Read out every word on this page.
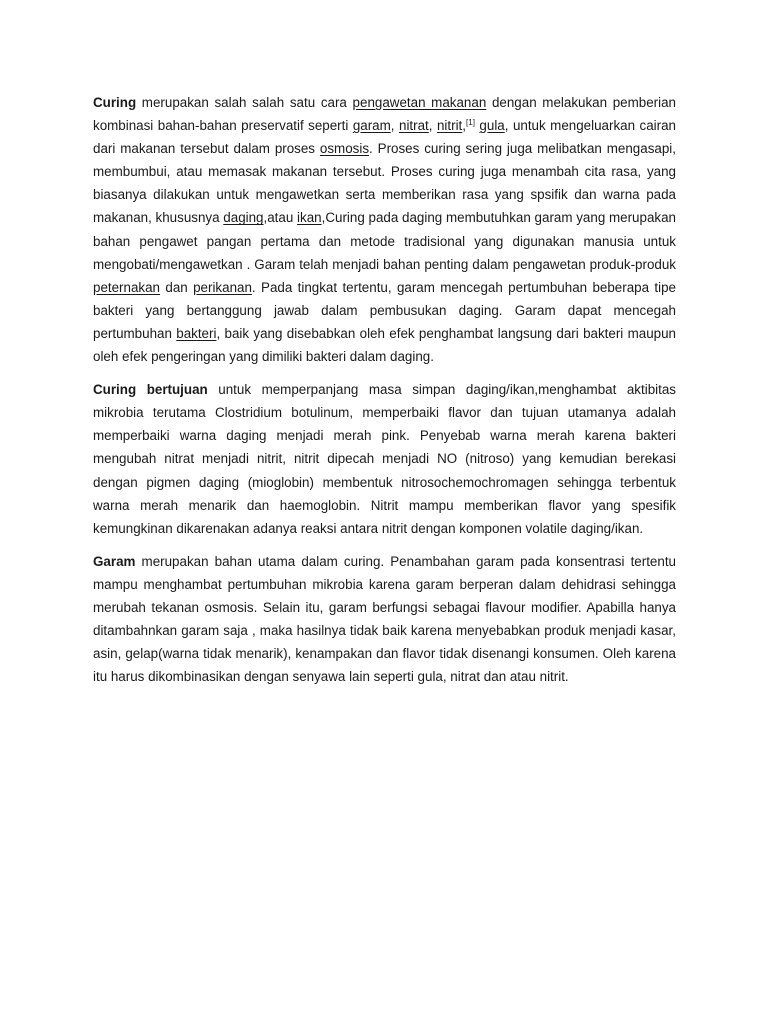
Curing merupakan salah salah satu cara pengawetan makanan dengan melakukan pemberian kombinasi bahan-bahan preservatif seperti garam, nitrat, nitrit,[1] gula, untuk mengeluarkan cairan dari makanan tersebut dalam proses osmosis. Proses curing sering juga melibatkan mengasapi, membumbui, atau memasak makanan tersebut. Proses curing juga menambah cita rasa, yang biasanya dilakukan untuk mengawetkan serta memberikan rasa yang spsifik dan warna pada makanan, khususnya daging,atau ikan,Curing pada daging membutuhkan garam yang merupakan bahan pengawet pangan pertama dan metode tradisional yang digunakan manusia untuk mengobati/mengawetkan . Garam telah menjadi bahan penting dalam pengawetan produk-produk peternakan dan perikanan. Pada tingkat tertentu, garam mencegah pertumbuhan beberapa tipe bakteri yang bertanggung jawab dalam pembusukan daging. Garam dapat mencegah pertumbuhan bakteri, baik yang disebabkan oleh efek penghambat langsung dari bakteri maupun oleh efek pengeringan yang dimiliki bakteri dalam daging.

Curing bertujuan untuk memperpanjang masa simpan daging/ikan,menghambat aktibitas mikrobia terutama Clostridium botulinum, memperbaiki flavor dan tujuan utamanya adalah memperbaiki warna daging menjadi merah pink. Penyebab warna merah karena bakteri mengubah nitrat menjadi nitrit, nitrit dipecah menjadi NO (nitroso) yang kemudian berekasi dengan pigmen daging (mioglobin) membentuk nitrosochemochromagen sehingga terbentuk warna merah menarik dan haemoglobin. Nitrit mampu memberikan flavor yang spesifik kemungkinan dikarenakan adanya reaksi antara nitrit dengan komponen volatile daging/ikan.

Garam merupakan bahan utama dalam curing. Penambahan garam pada konsentrasi tertentu mampu menghambat pertumbuhan mikrobia karena garam berperan dalam dehidrasi sehingga merubah tekanan osmosis. Selain itu, garam berfungsi sebagai flavour modifier. Apabilla hanya ditambahnkan garam saja , maka hasilnya tidak baik karena menyebabkan produk menjadi kasar, asin, gelap(warna tidak menarik), kenampakan dan flavor tidak disenangi konsumen. Oleh karena itu harus dikombinasikan dengan senyawa lain seperti gula, nitrat dan atau nitrit.
